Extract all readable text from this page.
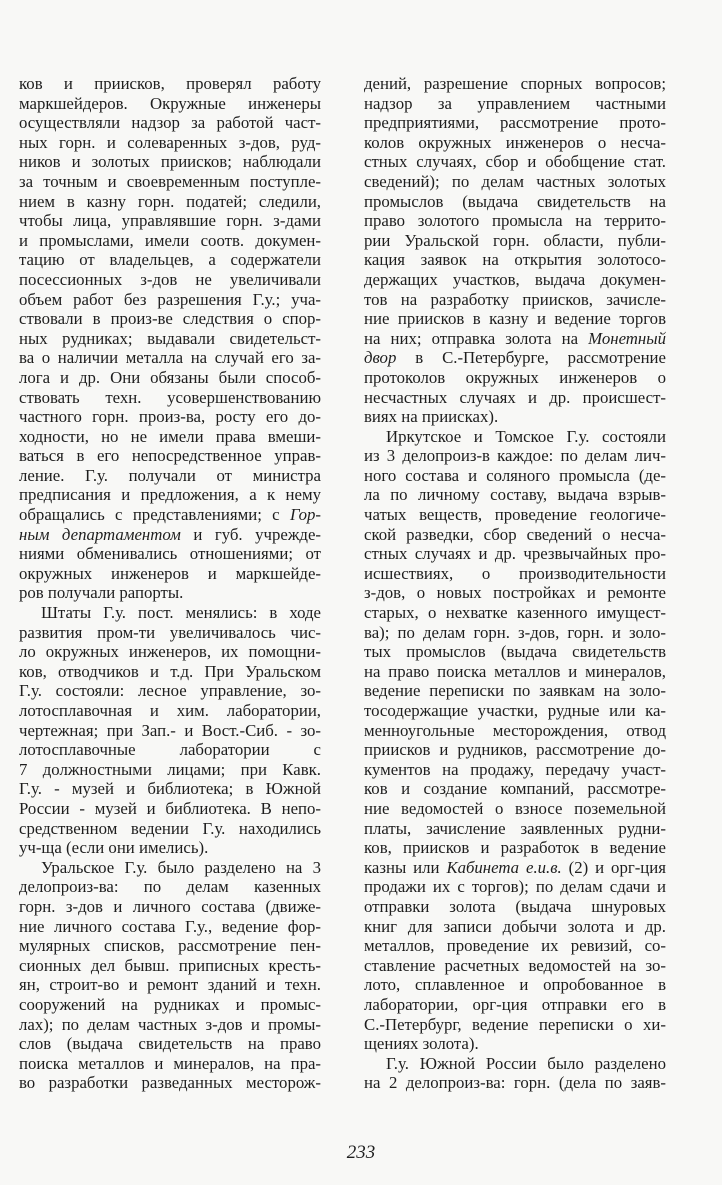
ков и приисков, проверял работу
маркшейдеров. Окружные инженеры
осуществляли надзор за работой част-
ных горн. и солеваренных з-дов, руд-
ников и золотых приисков; наблюдали
за точным и своевременным поступле-
нием в казну горн. податей; следили,
чтобы лица, управлявшие горн. з-дами
и промыслами, имели соотв. докумен-
тацию от владельцев, а содержатели
посессионных з-дов не увеличивали
объем работ без разрешения Г.у.; уча-
ствовали в произ-ве следствия о спор-
ных рудниках; выдавали свидетельст-
ва о наличии металла на случай его за-
лога и др. Они обязаны были способ-
ствовать техн. усовершенствованию
частного горн. произ-ва, росту его до-
ходности, но не имели права вмеши-
ваться в его непосредственное управ-
ление. Г.у. получали от министра
предписания и предложения, а к нему
обращались с представлениями; с Гор-
ным департаментом и губ. учрежде-
ниями обменивались отношениями; от
окружных инженеров и маркшейде-
ров получали рапорты.
Штаты Г.у. пост. менялись: в ходе
развития пром-ти увеличивалось чис-
ло окружных инженеров, их помощни-
ков, отводчиков и т.д. При Уральском
Г.у. состояли: лесное управление, зо-
лотосплавочная и хим. лаборатории,
чертежная; при Зап.- и Вост.-Сиб. - зо-
лотосплавочные лаборатории с
7 должностными лицами; при Кавк.
Г.у. - музей и библиотека; в Южной
России - музей и библиотека. В непо-
средственном ведении Г.у. находились
уч-ща (если они имелись).
Уральское Г.у. было разделено на 3
делопроиз-ва: по делам казенных
горн. з-дов и личного состава (движе-
ние личного состава Г.у., ведение фор-
мулярных списков, рассмотрение пен-
сионных дел бывш. приписных кресть-
ян, строит-во и ремонт зданий и техн.
сооружений на рудниках и промыс-
лах); по делам частных з-дов и промы-
слов (выдача свидетельств на право
поиска металлов и минералов, на пра-
во разработки разведанных месторож-
дений, разрешение спорных вопросов;
надзор за управлением частными
предприятиями, рассмотрение прото-
колов окружных инженеров о несча-
стных случаях, сбор и обобщение стат.
сведений); по делам частных золотых
промыслов (выдача свидетельств на
право золотого промысла на террито-
рии Уральской горн. области, публи-
кация заявок на открытия золотосо-
держащих участков, выдача докумен-
тов на разработку приисков, зачисле-
ние приисков в казну и ведение торгов
на них; отправка золота на Монетный
двор в С.-Петербурге, рассмотрение
протоколов окружных инженеров о
несчастных случаях и др. происшест-
виях на приисках).
Иркутское и Томское Г.у. состояли
из 3 делопроиз-в каждое: по делам лич-
ного состава и соляного промысла (де-
ла по личному составу, выдача взрыв-
чатых веществ, проведение геологиче-
ской разведки, сбор сведений о несча-
стных случаях и др. чрезвычайных про-
исшествиях, о производительности
з-дов, о новых постройках и ремонте
старых, о нехватке казенного имущест-
ва); по делам горн. з-дов, горн. и золо-
тых промыслов (выдача свидетельств
на право поиска металлов и минералов,
ведение переписки по заявкам на золо-
тосодержащие участки, рудные или ка-
менноугольные месторождения, отвод
приисков и рудников, рассмотрение до-
кументов на продажу, передачу участ-
ков и создание компаний, рассмотре-
ние ведомостей о взносе поземельной
платы, зачисление заявленных рудни-
ков, приисков и разработок в ведение
казны или Кабинета е.и.в. (2) и орг-ция
продажи их с торгов); по делам сдачи и
отправки золота (выдача шнуровых
книг для записи добычи золота и др.
металлов, проведение их ревизий, со-
ставление расчетных ведомостей на зо-
лото, сплавленное и опробованное в
лаборатории, орг-ция отправки его в
С.-Петербург, ведение переписки о хи-
щениях золота).
Г.у. Южной России было разделено
на 2 делопроиз-ва: горн. (дела по заяв-
233
